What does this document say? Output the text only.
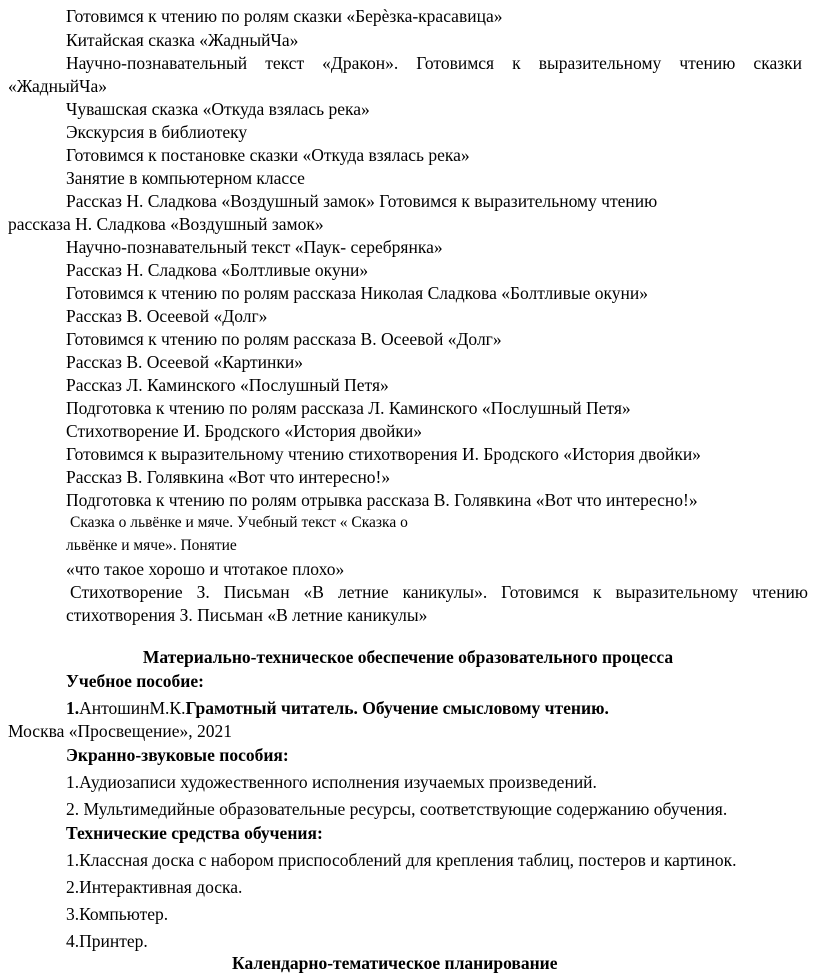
Готовимся к чтению по ролям сказки «Берѐзка-красавица»
Китайская сказка «ЖадныйЧа»
Научно-познавательный текст «Дракон». Готовимся к выразительному чтению сказки
«ЖадныйЧа»
Чувашская сказка «Откуда взялась река»
Экскурсия в библиотеку
Готовимся к постановке сказки «Откуда взялась река»
Занятие в компьютерном классе
Рассказ Н. Сладкова «Воздушный замок» Готовимся к выразительному чтению
рассказа Н. Сладкова «Воздушный замок»
Научно-познавательный текст «Паук- серебрянка»
Рассказ Н. Сладкова «Болтливые окуни»
Готовимся к чтению по ролям рассказа Николая Сладкова «Болтливые окуни»
Рассказ В. Осеевой «Долг»
Готовимся к чтению по ролям рассказа В. Осеевой «Долг»
Рассказ В. Осеевой «Картинки»
Рассказ Л. Каминского «Послушный Петя»
Подготовка к чтению по ролям рассказа Л. Каминского «Послушный Петя»
Стихотворение И. Бродского «История двойки»
Готовимся к выразительному чтению стихотворения И. Бродского «История двойки»
Рассказ В. Голявкина «Вот что интересно!»
Подготовка к чтению по ролям отрывка рассказа В. Голявкина «Вот что интересно!»
Сказка о львёнке и мяче. Учебный текст « Сказка о
львёнке и мяче». Понятие
«что такое хорошо и чтотакое плохо»
Стихотворение З. Письман «В летние каникулы». Готовимся к выразительному чтению
стихотворения З. Письман «В летние каникулы»
Материально-техническое обеспечение образовательного процесса
Учебное пособие:
1.АнтошинМ.К.Грамотный читатель. Обучение смысловому чтению.
Москва «Просвещение», 2021
Экранно-звуковые пособия:
1.Аудиозаписи художественного исполнения изучаемых произведений.
2. Мультимедийные образовательные ресурсы, соответствующие содержанию обучения.
Технические средства обучения:
1.Классная доска с набором приспособлений для крепления таблиц, постеров и картинок.
2.Интерактивная доска.
3.Компьютер.
4.Принтер.
Календарно-тематическое планирование
